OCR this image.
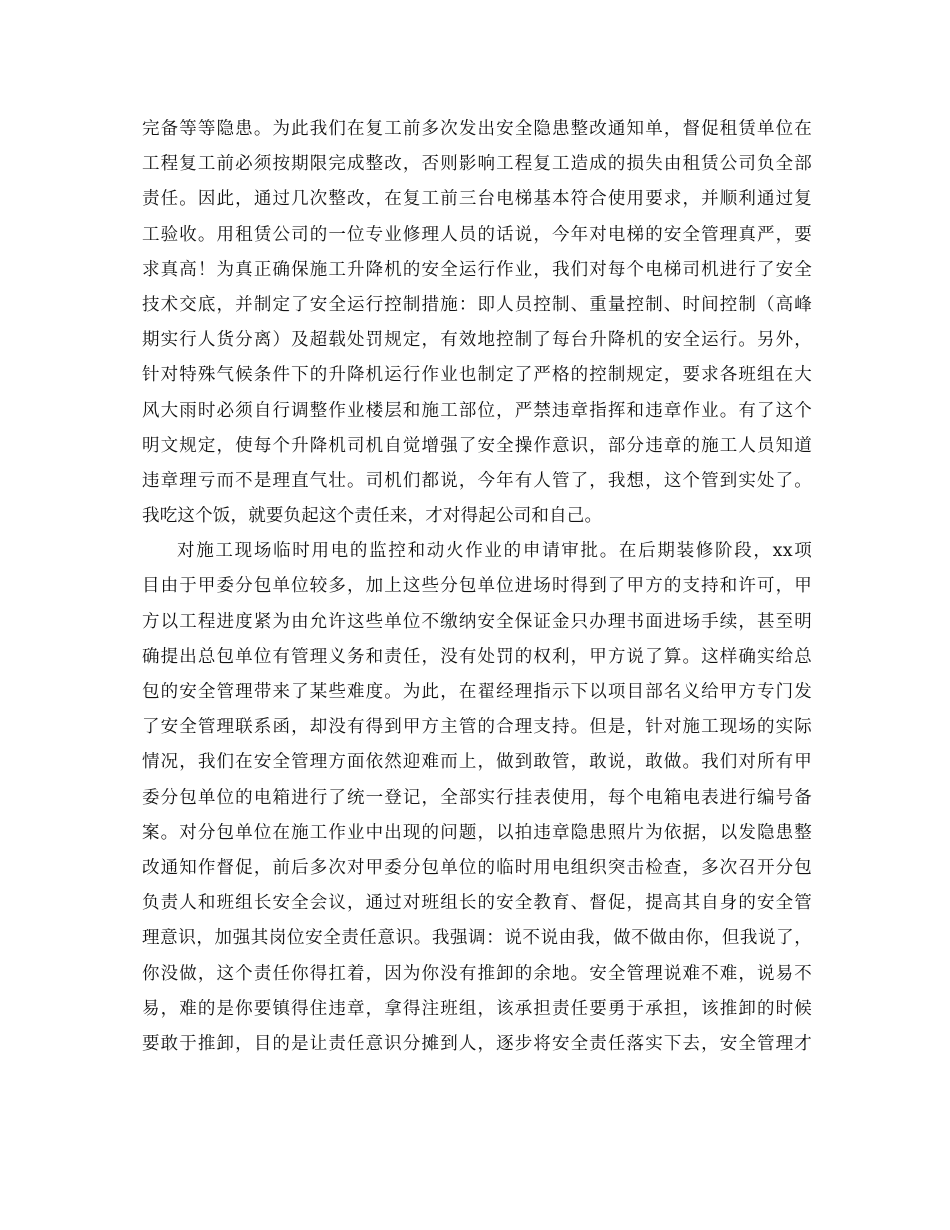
完备等等隐患。为此我们在复工前多次发出安全隐患整改通知单，督促租赁单位在
工程复工前必须按期限完成整改，否则影响工程复工造成的损失由租赁公司负全部
责任。因此，通过几次整改，在复工前三台电梯基本符合使用要求，并顺利通过复
工验收。用租赁公司的一位专业修理人员的话说，今年对电梯的安全管理真严，要
求真高！为真正确保施工升降机的安全运行作业，我们对每个电梯司机进行了安全
技术交底，并制定了安全运行控制措施：即人员控制、重量控制、时间控制（高峰
期实行人货分离）及超载处罚规定，有效地控制了每台升降机的安全运行。另外，
针对特殊气候条件下的升降机运行作业也制定了严格的控制规定，要求各班组在大
风大雨时必须自行调整作业楼层和施工部位，严禁违章指挥和违章作业。有了这个
明文规定，使每个升降机司机自觉增强了安全操作意识，部分违章的施工人员知道
违章理亏而不是理直气壮。司机们都说，今年有人管了，我想，这个管到实处了。
我吃这个饭，就要负起这个责任来，才对得起公司和自己。
对施工现场临时用电的监控和动火作业的申请审批。在后期装修阶段，xx项
目由于甲委分包单位较多，加上这些分包单位进场时得到了甲方的支持和许可，甲
方以工程进度紧为由允许这些单位不缴纳安全保证金只办理书面进场手续，甚至明
确提出总包单位有管理义务和责任，没有处罚的权利，甲方说了算。这样确实给总
包的安全管理带来了某些难度。为此，在翟经理指示下以项目部名义给甲方专门发
了安全管理联系函，却没有得到甲方主管的合理支持。但是，针对施工现场的实际
情况，我们在安全管理方面依然迎难而上，做到敢管，敢说，敢做。我们对所有甲
委分包单位的电箱进行了统一登记，全部实行挂表使用，每个电箱电表进行编号备
案。对分包单位在施工作业中出现的问题，以拍违章隐患照片为依据，以发隐患整
改通知作督促，前后多次对甲委分包单位的临时用电组织突击检查，多次召开分包
负责人和班组长安全会议，通过对班组长的安全教育、督促，提高其自身的安全管
理意识，加强其岗位安全责任意识。我强调：说不说由我，做不做由你，但我说了，
你没做，这个责任你得扛着，因为你没有推卸的余地。安全管理说难不难，说易不
易，难的是你要镇得住违章，拿得注班组，该承担责任要勇于承担，该推卸的时候
要敢于推卸，目的是让责任意识分摊到人，逐步将安全责任落实下去，安全管理才
